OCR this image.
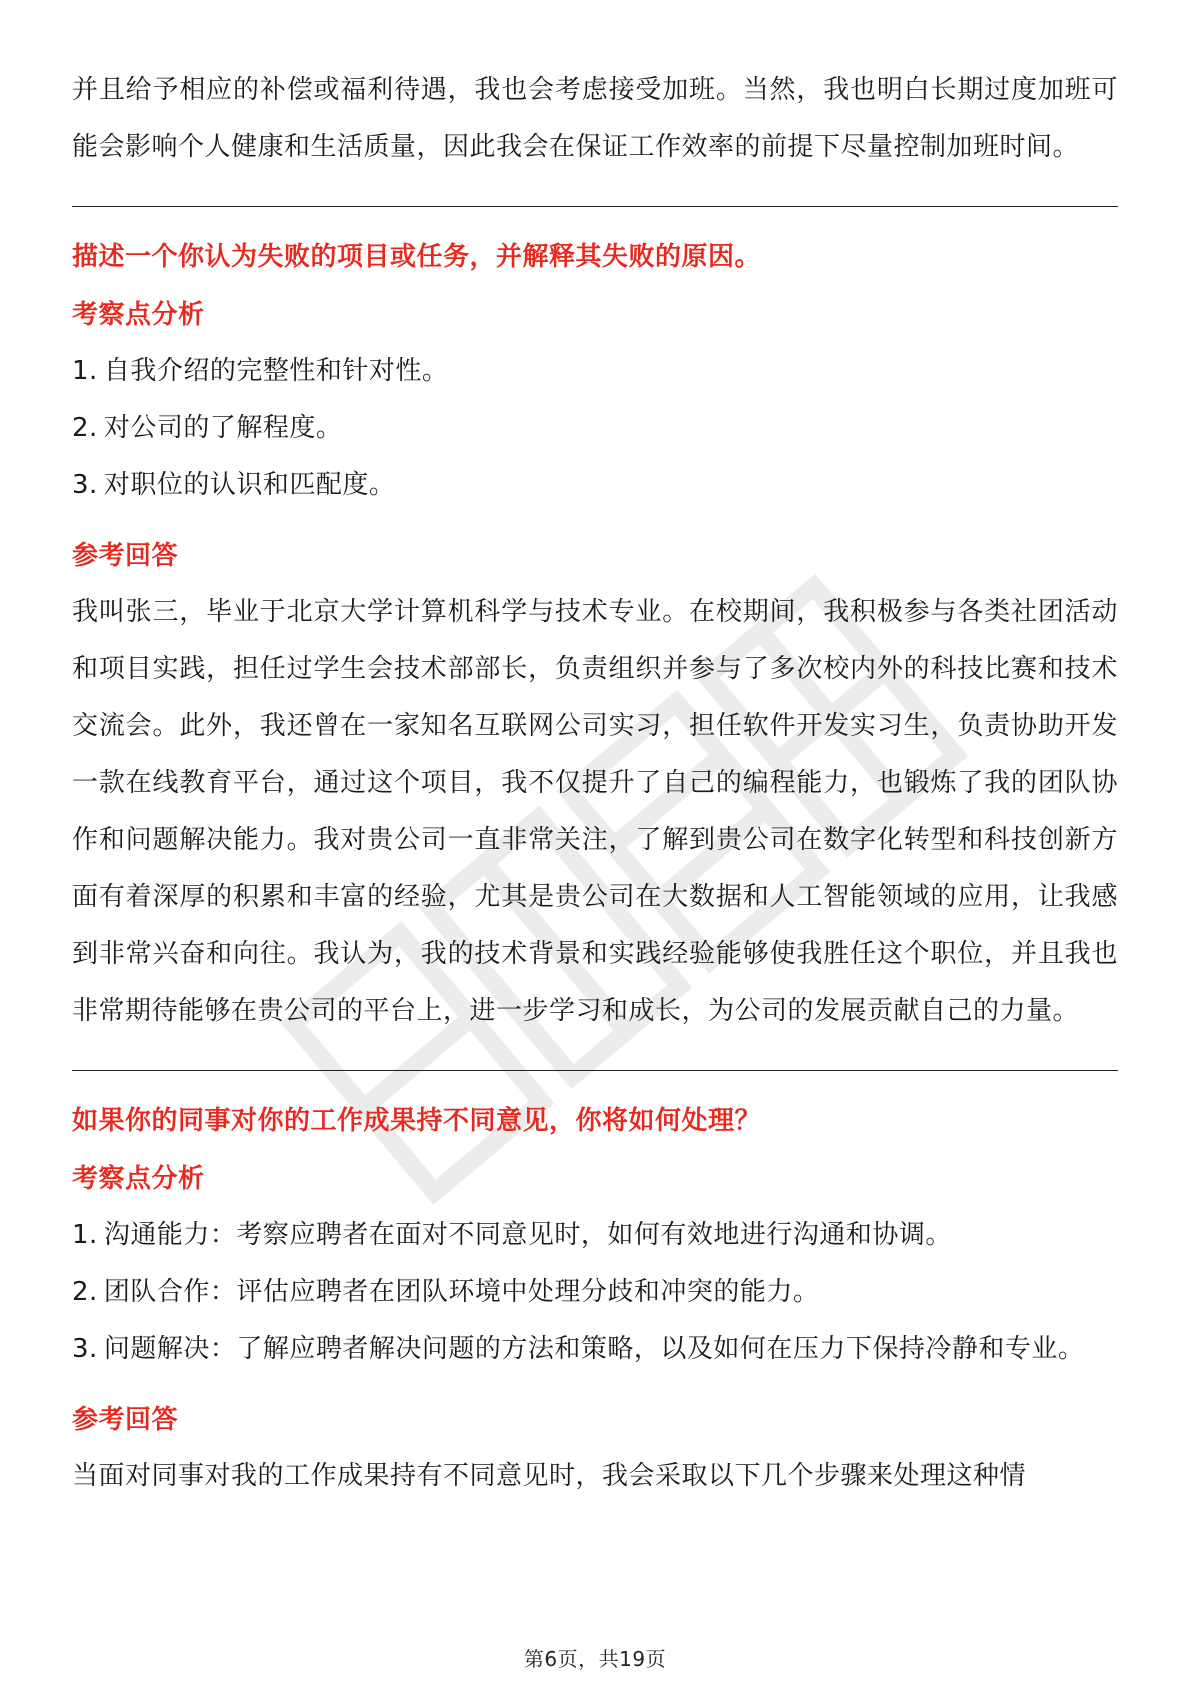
并且给予相应的补偿或福利待遇，我也会考虑接受加班。当然，我也明白长期过度加班可能会影响个人健康和生活质量，因此我会在保证工作效率的前提下尽量控制加班时间。

描述一个你认为失败的项目或任务，并解释其失败的原因。
考察点分析
1. 自我介绍的完整性和针对性。
2. 对公司的了解程度。
3. 对职位的认识和匹配度。
参考回答

我叫张三，毕业于北京大学计算机科学与技术专业。在校期间，我积极参与各类社团活动和项目实践，担任过学生会技术部部长，负责组织并参与了多次校内外的科技比赛和技术交流会。此外，我还曾在一家知名互联网公司实习，担任软件开发实习生，负责协助开发一款在线教育平台，通过这个项目，我不仅提升了自己的编程能力，也锻炼了我的团队协作和问题解决能力。我对贵公司一直非常关注，了解到贵公司在数字化转型和科技创新方面有着深厚的积累和丰富的经验，尤其是贵公司在大数据和人工智能领域的应用，让我感到非常兴奋和向往。我认为，我的技术背景和实践经验能够使我胜任这个职位，并且我也非常期待能够在贵公司的平台上，进一步学习和成长，为公司的发展贡献自己的力量。

如果你的同事对你的工作成果持不同意见，你将如何处理？
考察点分析
1. 沟通能力：考察应聘者在面对不同意见时，如何有效地进行沟通和协调。
2. 团队合作：评估应聘者在团队环境中处理分歧和冲突的能力。
3. 问题解决：了解应聘者解决问题的方法和策略，以及如何在压力下保持冷静和专业。
参考回答

当面对同事对我的工作成果持有不同意见时，我会采取以下几个步骤来处理这种情

第6页，共19页
